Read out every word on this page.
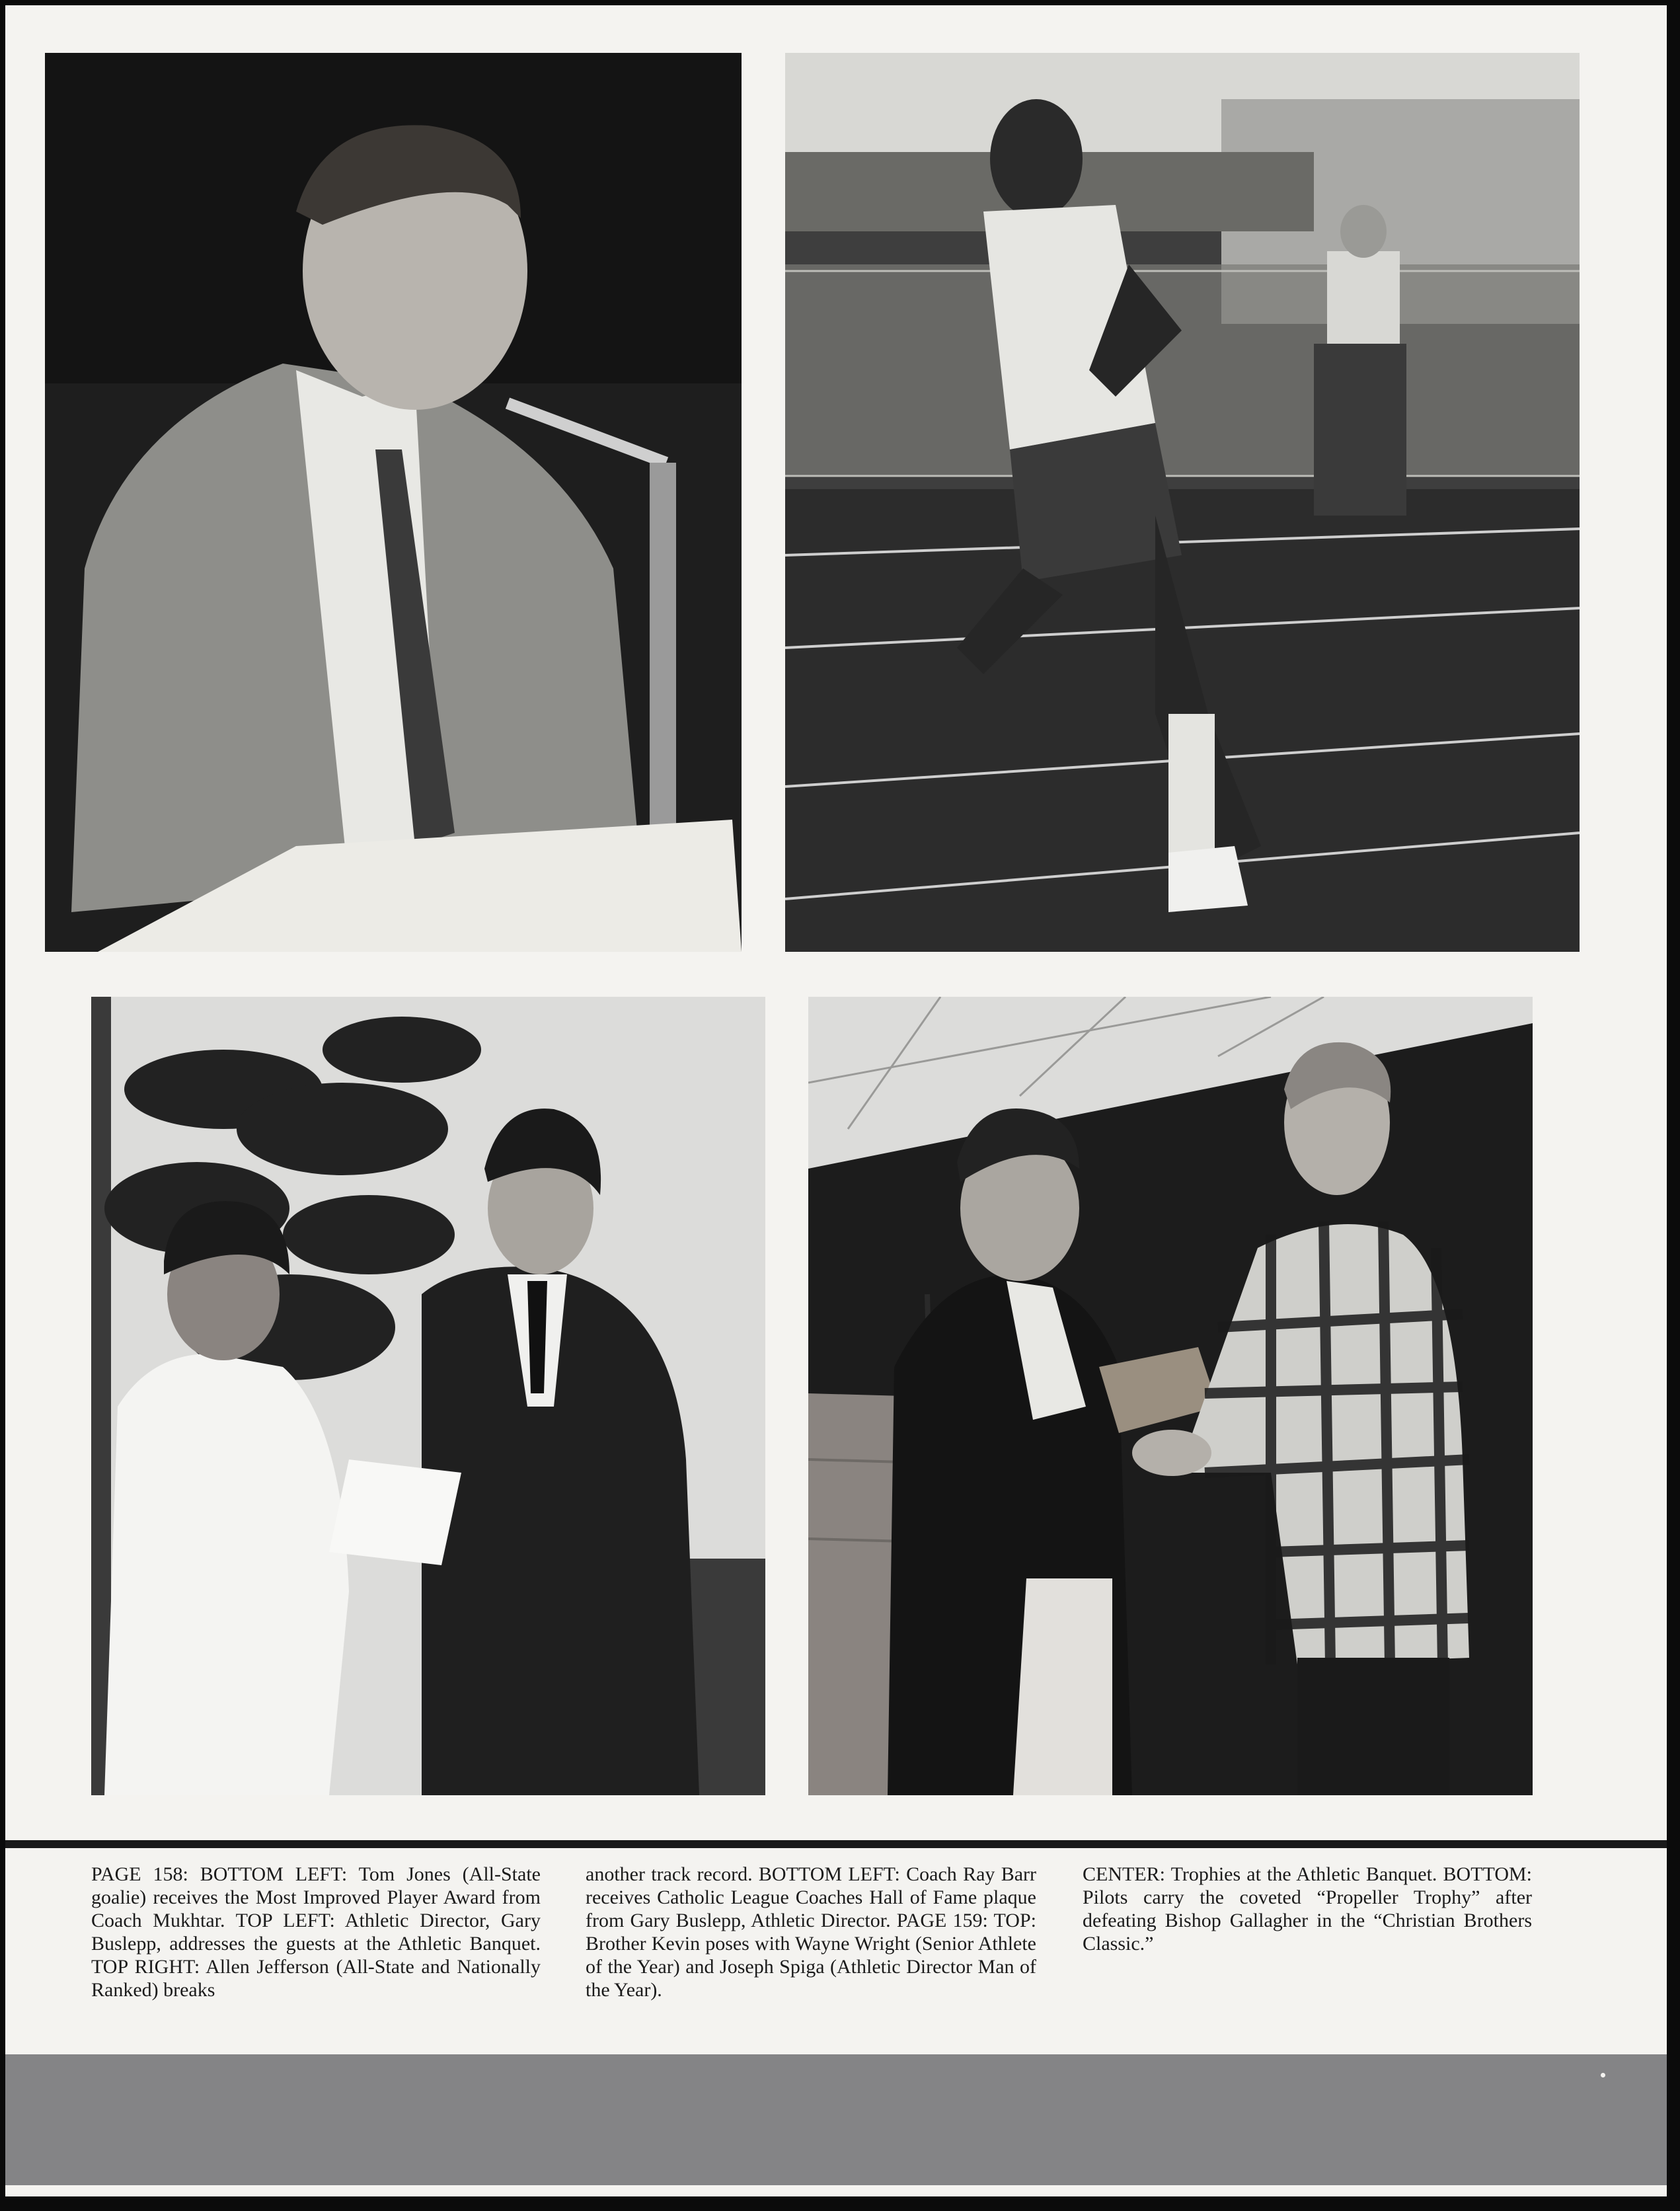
PAGE 158: BOTTOM LEFT: Tom Jones (All-State goalie) receives the Most Improved Player Award from Coach Mukhtar. TOP LEFT: Athletic Director, Gary Buslepp, addresses the guests at the Athletic Banquet. TOP RIGHT: Allen Jefferson (All-State and Nationally Ranked) breaks
another track record. BOTTOM LEFT: Coach Ray Barr receives Catholic League Coaches Hall of Fame plaque from Gary Buslepp, Athletic Director. PAGE 159: TOP: Brother Kevin poses with Wayne Wright (Senior Athlete of the Year) and Joseph Spiga (Athletic Director Man of the Year).
CENTER: Trophies at the Athletic Banquet. BOTTOM: Pilots carry the coveted “Propeller Trophy” after defeating Bishop Gallagher in the “Christian Brothers Classic.”
